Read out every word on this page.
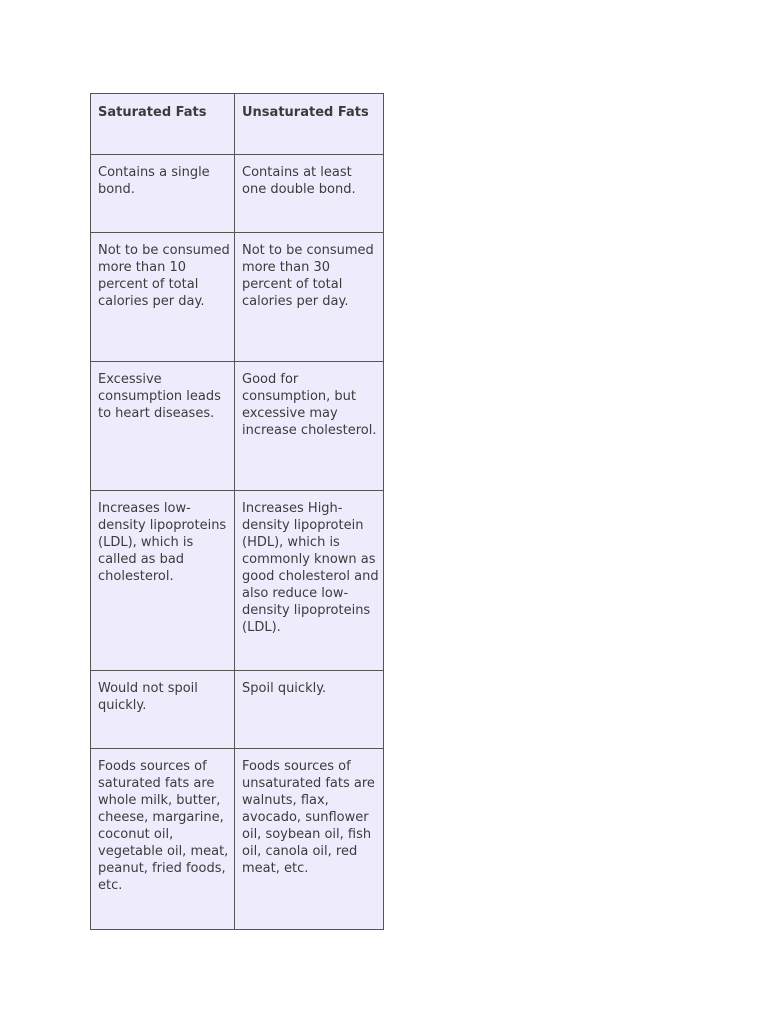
Saturated Fats	Unsaturated Fats
Contains a single bond.	Contains at least one double bond.
Not to be consumed more than 10 percent of total calories per day.	Not to be consumed more than 30 percent of total calories per day.
Excessive consumption leads to heart diseases.	Good for consumption, but excessive may increase cholesterol.
Increases low-density lipoproteins (LDL), which is called as bad cholesterol.	Increases High-density lipoprotein (HDL), which is commonly known as good cholesterol and also reduce low-density lipoproteins (LDL).
Would not spoil quickly.	Spoil quickly.
Foods sources of saturated fats are whole milk, butter, cheese, margarine, coconut oil, vegetable oil, meat, peanut, fried foods, etc.	Foods sources of unsaturated fats are walnuts, flax, avocado, sunflower oil, soybean oil, fish oil, canola oil, red meat, etc.
